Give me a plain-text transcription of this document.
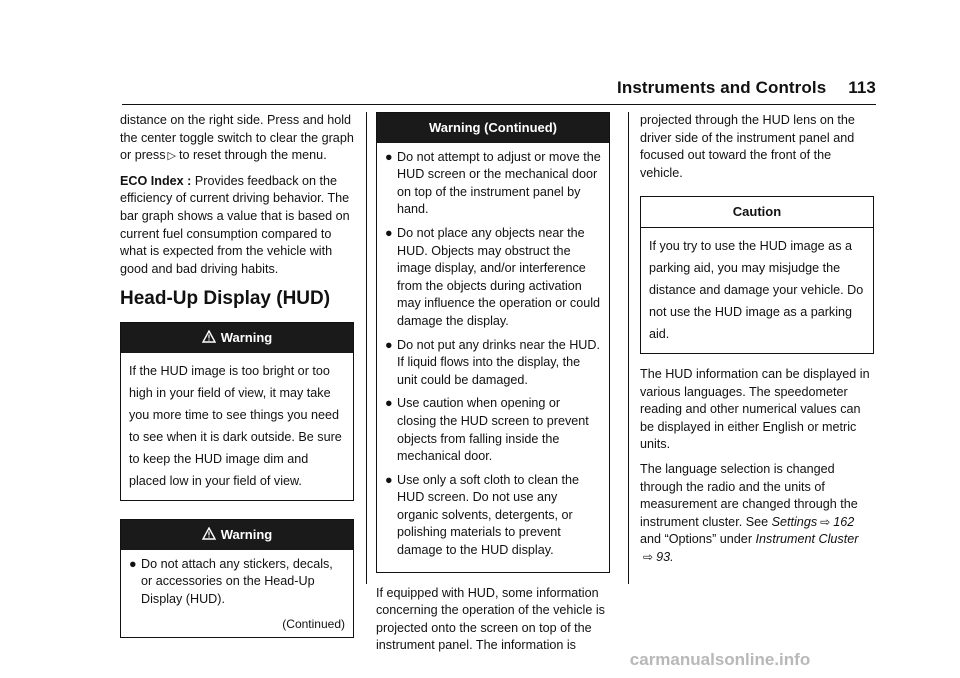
Instruments and Controls 113

distance on the right side. Press and hold the center toggle switch to clear the graph or press ▷ to reset through the menu.

ECO Index : Provides feedback on the efficiency of current driving behavior. The bar graph shows a value that is based on current fuel consumption compared to what is expected from the vehicle with good and bad driving habits.

Head-Up Display (HUD)
Warning
If the HUD image is too bright or too high in your field of view, it may take you more time to see things you need to see when it is dark outside. Be sure to keep the HUD image dim and placed low in your field of view.
Warning
● Do not attach any stickers, decals, or accessories on the Head-Up Display (HUD).
(Continued)
Warning (Continued)
● Do not attempt to adjust or move the HUD screen or the mechanical door on top of the instrument panel by hand.
● Do not place any objects near the HUD. Objects may obstruct the image display, and/or interference from the objects during activation may influence the operation or could damage the display.
● Do not put any drinks near the HUD. If liquid flows into the display, the unit could be damaged.
● Use caution when opening or closing the HUD screen to prevent objects from falling inside the mechanical door.
● Use only a soft cloth to clean the HUD screen. Do not use any organic solvents, detergents, or polishing materials to prevent damage to the HUD display.

If equipped with HUD, some information concerning the operation of the vehicle is projected onto the screen on top of the instrument panel. The information is

projected through the HUD lens on the driver side of the instrument panel and focused out toward the front of the vehicle.

Caution
If you try to use the HUD image as a parking aid, you may misjudge the distance and damage your vehicle. Do not use the HUD image as a parking aid.

The HUD information can be displayed in various languages. The speedometer reading and other numerical values can be displayed in either English or metric units.

The language selection is changed through the radio and the units of measurement are changed through the instrument cluster. See Settings ⇨ 162 and “Options” under Instrument Cluster⇨ 93.

carmanualsonline.info
